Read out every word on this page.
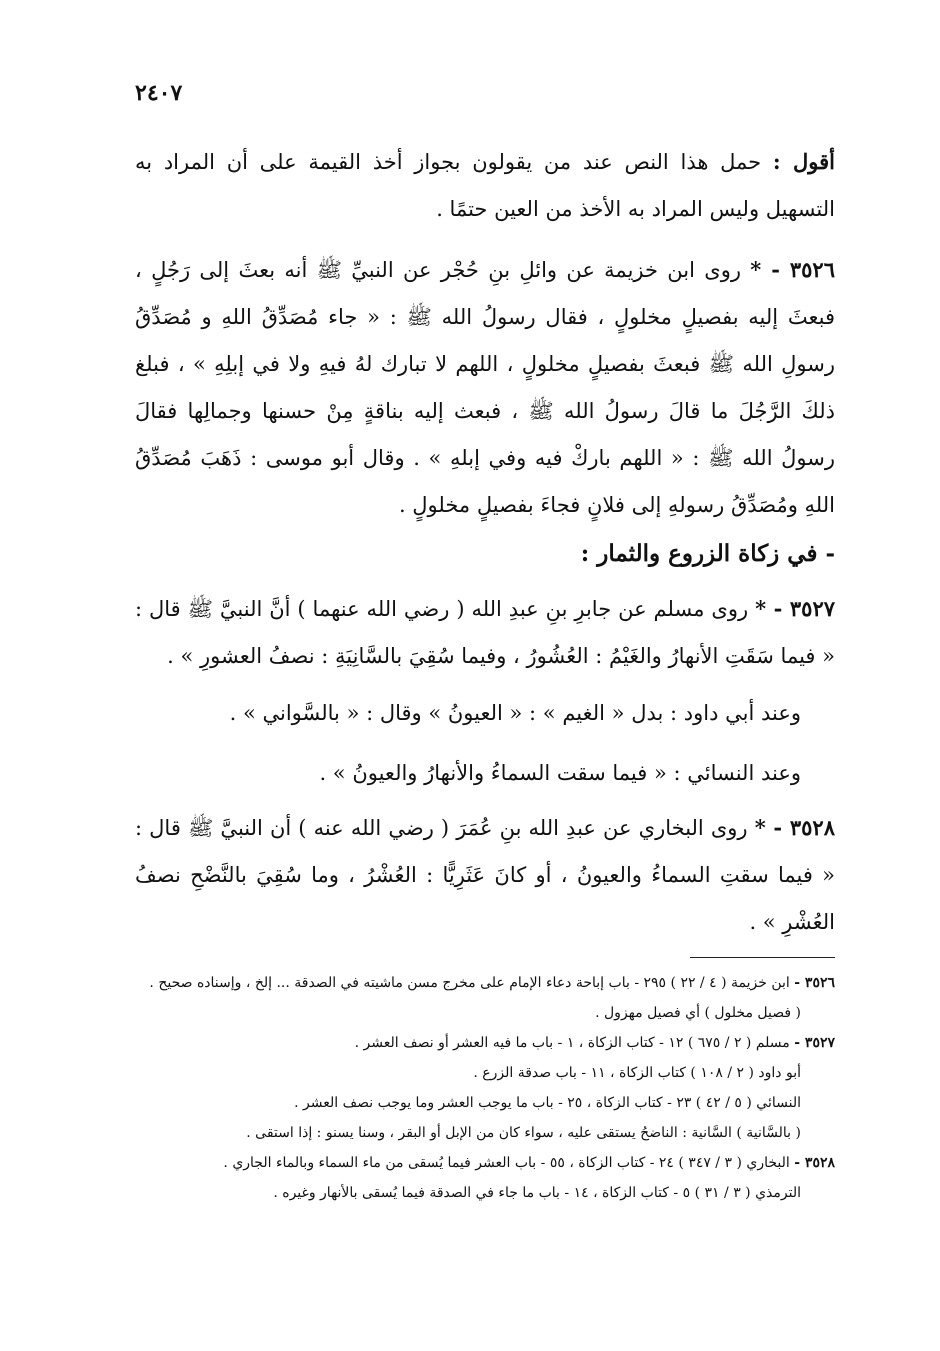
٢٤٠٧
أقول : حمل هذا النص عند من يقولون بجواز أخذ القيمة على أن المراد به التسهيل وليس المراد به الأخذ من العين حتمًا .
٣٥٢٦ - * روى ابن خزيمة عن وائلِ بنِ حُجْر عن النبيِّ ﷺ أنه بعثَ إلى رَجُلٍ ، فبعثَ إليه بفصيلٍ مخلولٍ ، فقال رسولُ الله ﷺ : « جاء مُصَدِّقُ اللهِ و مُصَدِّقُ رسولِ الله ﷺ فبعثَ بفصيلٍ مخلولٍ ، اللهم لا تبارك لهُ فيهِ ولا في إبلِهِ » ، فبلغ ذلكَ الرَّجُلَ ما قالَ رسولُ الله ﷺ ، فبعث إليه بناقةٍ مِنْ حسنها وجمالِها فقالَ رسولُ الله ﷺ : « اللهم باركْ فيه وفي إبلهِ » . وقال أبو موسى : ذَهَبَ مُصَدِّقُ اللهِ ومُصَدِّقُ رسولهِ إلى فلانٍ فجاءَ بفصيلٍ مخلولٍ .
- في زكاة الزروع والثمار :
٣٥٢٧ - * روى مسلم عن جابرِ بنِ عبدِ الله ( رضي الله عنهما ) أنَّ النبيَّ ﷺ قال : « فيما سَقَتِ الأنهارُ والغَيْمُ : العُشُورُ ، وفيما سُقِيَ بالسَّانِيَةِ : نصفُ العشورِ » .
وعند أبي داود : بدل « الغيم » : « العيونُ » وقال : « بالسَّواني » .
وعند النسائي : « فيما سقت السماءُ والأنهارُ والعيونُ » .
٣٥٢٨ - * روى البخاري عن عبدِ الله بنِ عُمَرَ ( رضي الله عنه ) أن النبيَّ ﷺ قال : « فيما سقتِ السماءُ والعيونُ ، أو كانَ عَثَرِيًّا : العُشْرُ ، وما سُقِيَ بالنَّضْحِ نصفُ العُشْرِ » .

٣٥٢٦ - ابن خزيمة ( ٤ / ٢٢ ) ٢٩٥ - باب إباحة دعاء الإمام على مخرج مسن ماشيته في الصدقة ... إلخ ، وإسناده صحيح .

( فصيل مخلول ) أي فصيل مهزول .

٣٥٢٧ - مسلم ( ٢ / ٦٧٥ ) ١٢ - كتاب الزكاة ، ١ - باب ما فيه العشر أو نصف العشر .

أبو داود ( ٢ / ١٠٨ ) كتاب الزكاة ، ١١ - باب صدقة الزرع .

النسائي ( ٥ / ٤٢ ) ٢٣ - كتاب الزكاة ، ٢٥ - باب ما يوجب العشر وما يوجب نصف العشر .

( بالسَّانية ) السَّانية : الناضحُ يستقى عليه ، سواء كان من الإبل أو البقر ، وسنا يسنو : إذا استقى .

٣٥٢٨ - البخاري ( ٣ / ٣٤٧ ) ٢٤ - كتاب الزكاة ، ٥٥ - باب العشر فيما يُسقى من ماء السماء وبالماء الجاري .

الترمذي ( ٣ / ٣١ ) ٥ - كتاب الزكاة ، ١٤ - باب ما جاء في الصدقة فيما يُسقى بالأنهار وغيره .
